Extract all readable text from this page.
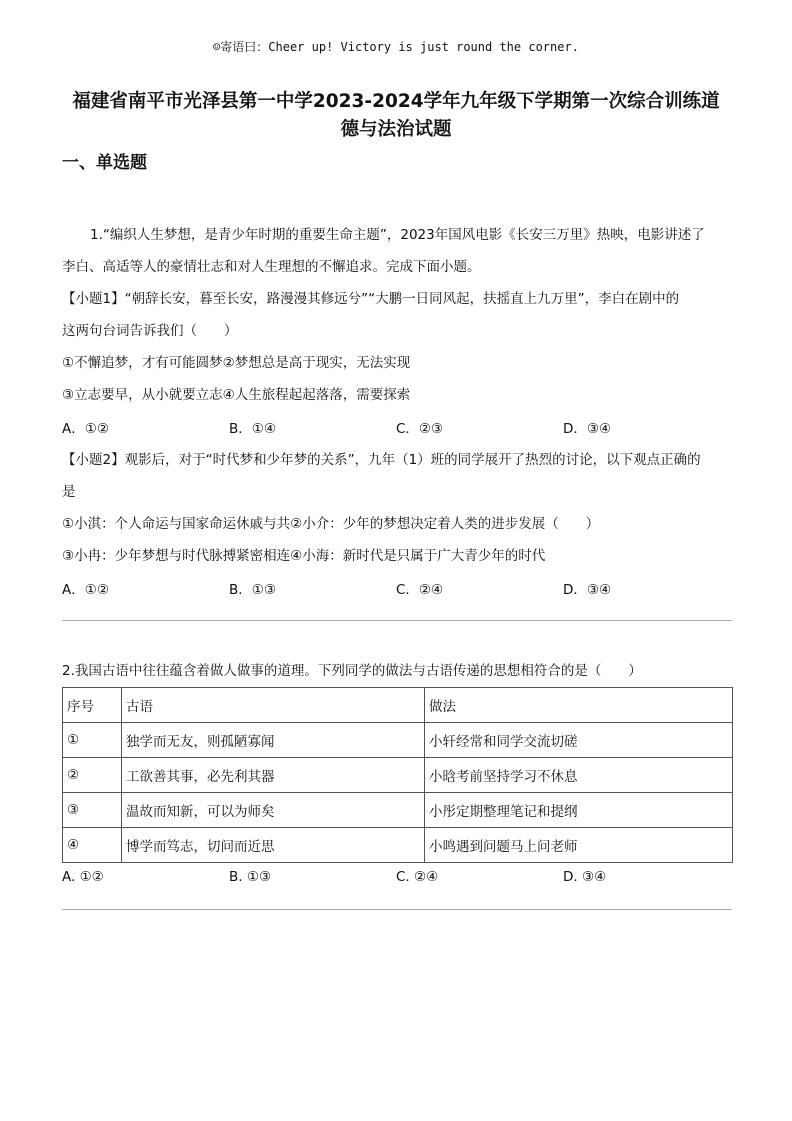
☺寄语曰：Cheer up! Victory is just round the corner.
福建省南平市光泽县第一中学2023-2024学年九年级下学期第一次综合训练道
德与法治试题
一、单选题
1.“编织人生梦想，是青少年时期的重要生命主题”，2023年国风电影《长安三万里》热映，电影讲述了
李白、高适等人的豪情壮志和对人生理想的不懈追求。完成下面小题。
【小题1】“朝辞长安，暮至长安，路漫漫其修远兮”“大鹏一日同风起，扶摇直上九万里”，李白在剧中的
这两句台词告诉我们（　　）
①不懈追梦，才有可能圆梦②梦想总是高于现实，无法实现
③立志要早，从小就要立志④人生旅程起起落落，需要探索
A．①②	B．①④	C．②③	D．③④
【小题2】观影后，对于“时代梦和少年梦的关系”，九年（1）班的同学展开了热烈的讨论，以下观点正确的
是
①小淇：个人命运与国家命运休戚与共②小介：少年的梦想决定着人类的进步发展（　　）
③小冉：少年梦想与时代脉搏紧密相连④小海：新时代是只属于广大青少年的时代
A．①②	B．①③	C．②④	D．③④
2.我国古语中往往蕴含着做人做事的道理。下列同学的做法与古语传递的思想相符合的是（　　）
序号	古语	做法
①	独学而无友，则孤陋寡闻	小轩经常和同学交流切磋
②	工欲善其事，必先利其器	小晗考前坚持学习不休息
③	温故而知新，可以为师矣	小彤定期整理笔记和提纲
④	博学而笃志，切问而近思	小鸣遇到问题马上问老师
A. ①②	B. ①③	C. ②④	D. ③④
